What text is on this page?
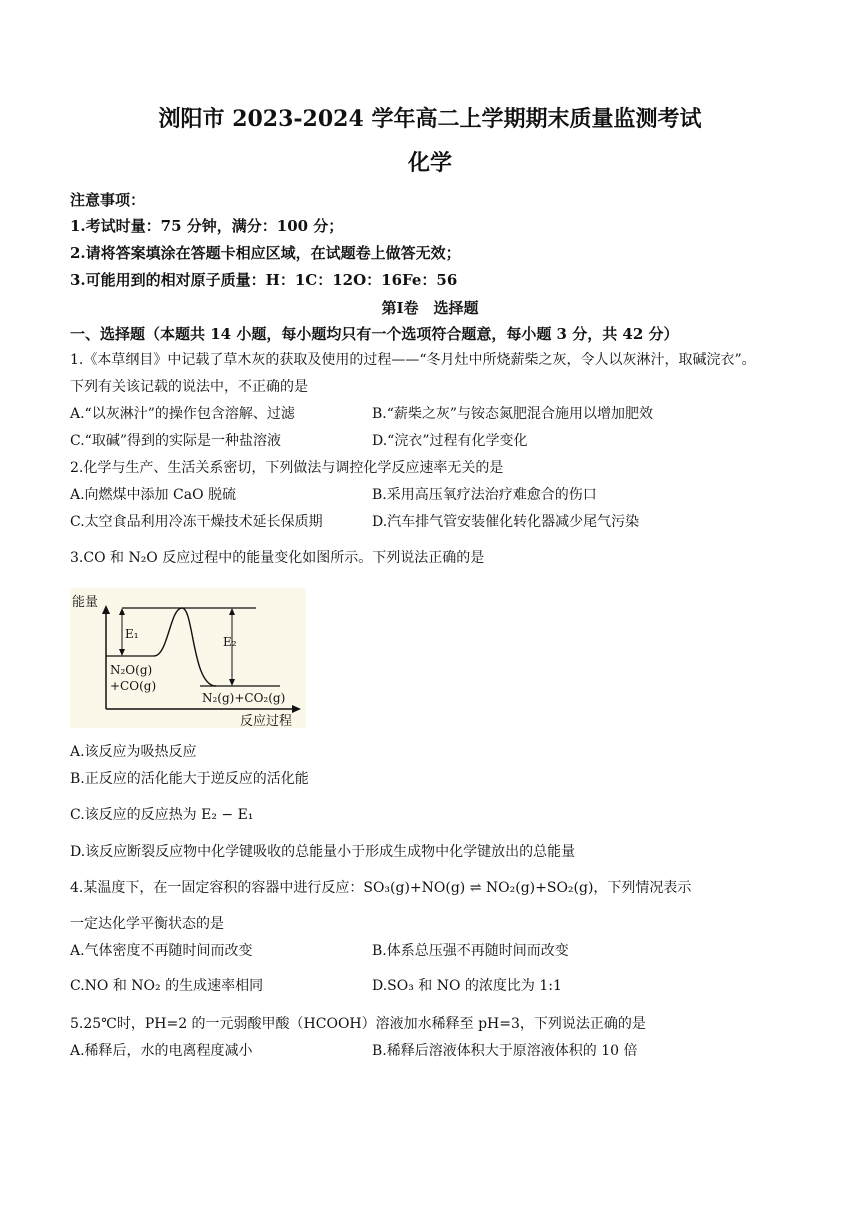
浏阳市 2023-2024 学年高二上学期期末质量监测考试
化学
注意事项：
1.考试时量：75 分钟，满分：100 分；
2.请将答案填涂在答题卡相应区域，在试题卷上做答无效；
3.可能用到的相对原子质量：H：1C：12O：16Fe：56
第Ⅰ卷　选择题
一、选择题（本题共 14 小题，每小题均只有一个选项符合题意，每小题 3 分，共 42 分）
1.《本草纲目》中记载了草木灰的获取及使用的过程——“冬月灶中所烧薪柴之灰，令人以灰淋汁，取碱浣衣”。
下列有关该记载的说法中，不正确的是
A.“以灰淋汁”的操作包含溶解、过滤	B.“薪柴之灰”与铵态氮肥混合施用以增加肥效
C.“取碱”得到的实际是一种盐溶液	D.“浣衣”过程有化学变化
2.化学与生产、生活关系密切，下列做法与调控化学反应速率无关的是
A.向燃煤中添加 CaO 脱硫	B.采用高压氧疗法治疗难愈合的伤口
C.太空食品利用冷冻干燥技术延长保质期	D.汽车排气管安装催化转化器减少尾气污染
3.CO 和 N₂O 反应过程中的能量变化如图所示。下列说法正确的是
能量
E₁
E₂
N₂O(g)
+CO(g)
N₂(g)+CO₂(g)
反应过程
A.该反应为吸热反应
B.正反应的活化能大于逆反应的活化能
C.该反应的反应热为 E₂ − E₁
D.该反应断裂反应物中化学键吸收的总能量小于形成生成物中化学键放出的总能量
4.某温度下，在一固定容积的容器中进行反应：SO₃(g)+NO(g) ⇌ NO₂(g)+SO₂(g)，下列情况表示
一定达化学平衡状态的是
A.气体密度不再随时间而改变	B.体系总压强不再随时间而改变
C.NO 和 NO₂ 的生成速率相同	D.SO₃ 和 NO 的浓度比为 1:1
5.25℃时，PH=2 的一元弱酸甲酸（HCOOH）溶液加水稀释至 pH=3，下列说法正确的是
A.稀释后，水的电离程度减小	B.稀释后溶液体积大于原溶液体积的 10 倍
